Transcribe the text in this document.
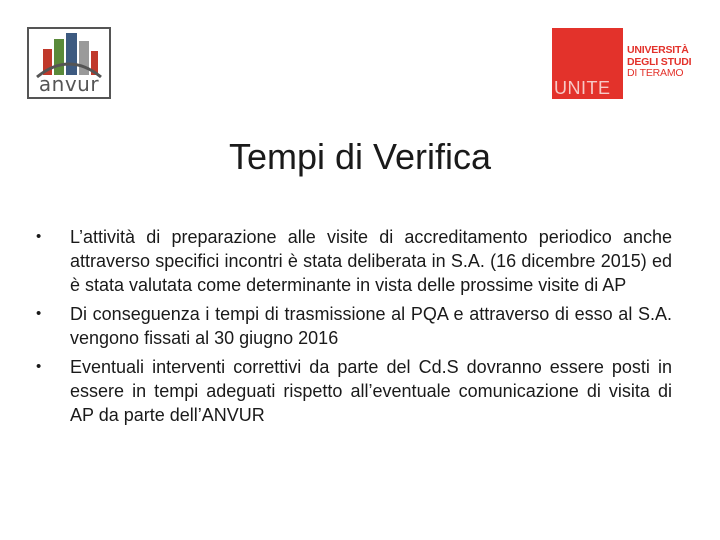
anvur	UNITE
UNIVERSITÀ
DEGLI STUDI
DI TERAMO
Tempi di Verifica
•	L’attività di preparazione alle visite di accreditamento periodico anche attraverso specifici incontri è stata deliberata in S.A. (16 dicembre 2015) ed è stata valutata come determinante in vista delle prossime visite di AP
•	Di conseguenza i tempi di trasmissione al PQA e attraverso di esso al S.A. vengono fissati al 30 giugno 2016
•	Eventuali interventi correttivi da parte del Cd.S dovranno essere posti in essere in tempi adeguati rispetto all’eventuale comunicazione di visita di AP da parte dell’ANVUR
